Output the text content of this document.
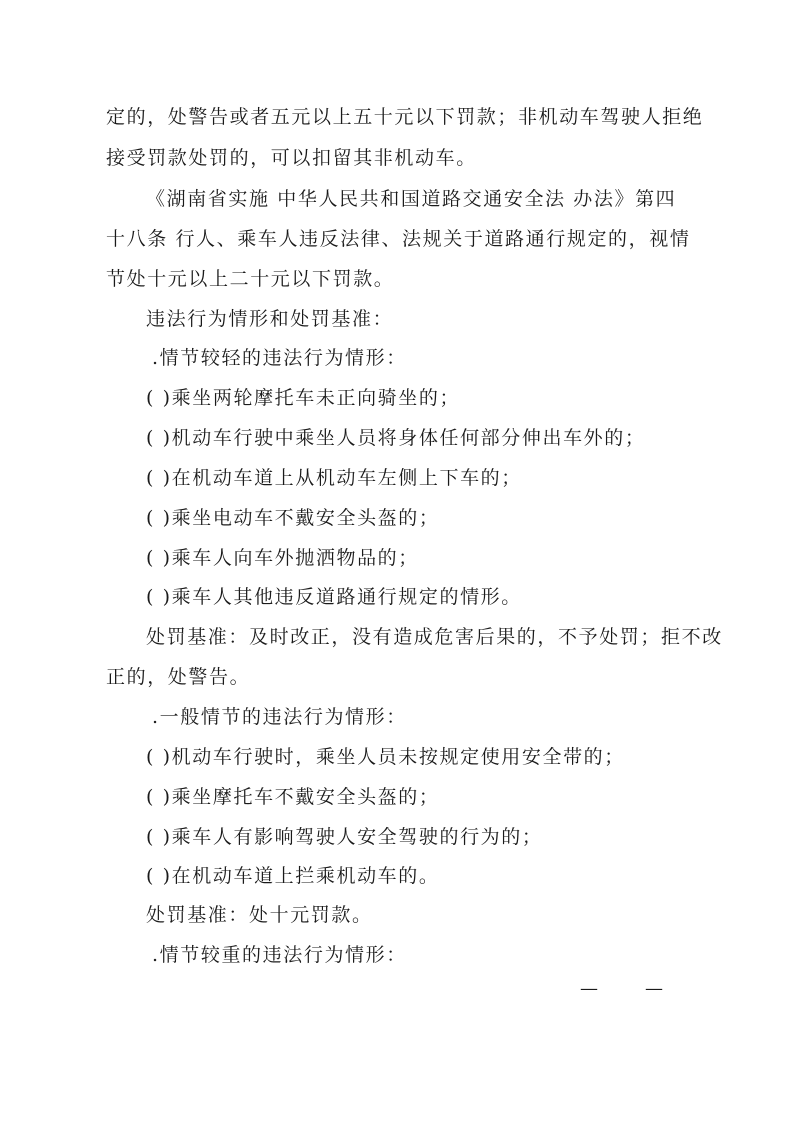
定的，处警告或者五元以上五十元以下罚款；非机动车驾驶人拒绝
接受罚款处罚的，可以扣留其非机动车。
《湖南省实施 中华人民共和国道路交通安全法 办法》第四
十八条 行人、乘车人违反法律、法规关于道路通行规定的，视情
节处十元以上二十元以下罚款。
违法行为情形和处罚基准：
.情节较轻的违法行为情形：
( )乘坐两轮摩托车未正向骑坐的；
( )机动车行驶中乘坐人员将身体任何部分伸出车外的；
( )在机动车道上从机动车左侧上下车的；
( )乘坐电动车不戴安全头盔的；
( )乘车人向车外抛洒物品的；
( )乘车人其他违反道路通行规定的情形。
处罚基准：及时改正，没有造成危害后果的，不予处罚；拒不改
正的，处警告。
.一般情节的违法行为情形：
( )机动车行驶时，乘坐人员未按规定使用安全带的；
( )乘坐摩托车不戴安全头盔的；
( )乘车人有影响驾驶人安全驾驶的行为的；
( )在机动车道上拦乘机动车的。
处罚基准：处十元罚款。
.情节较重的违法行为情形：
—	—
